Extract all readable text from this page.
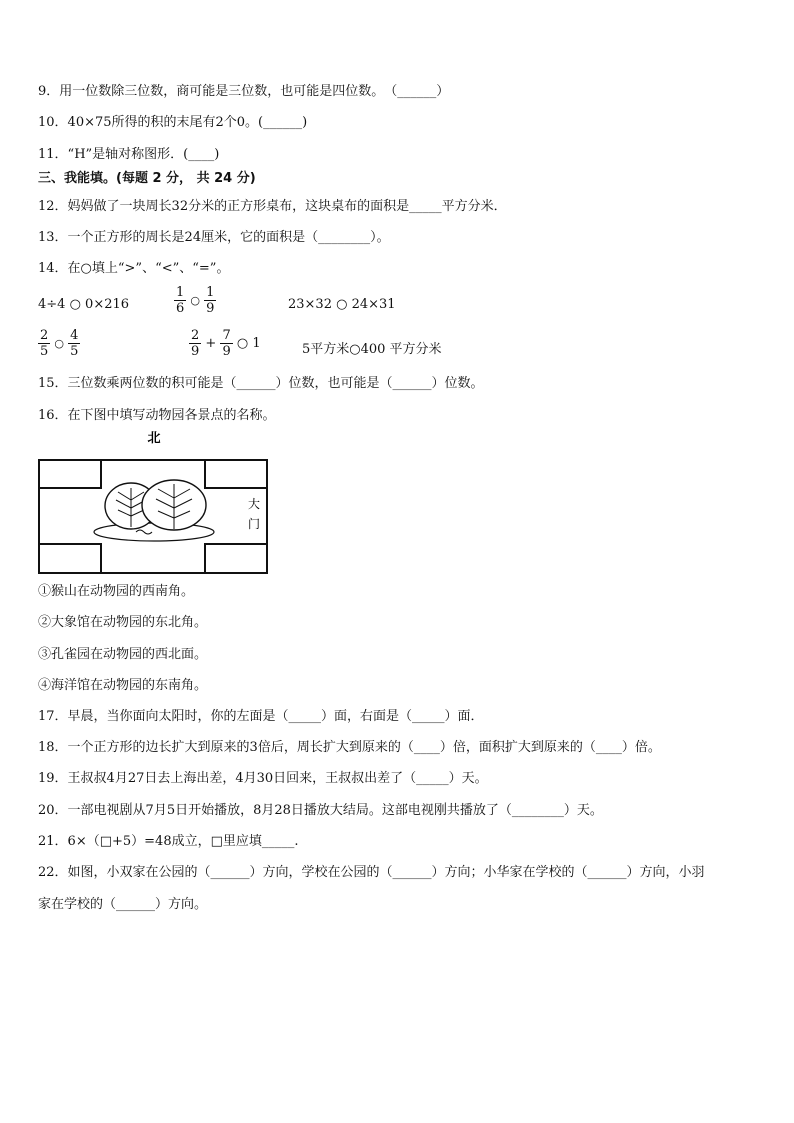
9．用一位数除三位数，商可能是三位数，也可能是四位数。　（______）
10．40×75所得的积的末尾有2个0。(______)
11．“H”是轴对称图形．(____)
三、我能填。(每题 2 分， 共 24 分)
12．妈妈做了一块周长32分米的正方形桌布，这块桌布的面积是_____平方分米．
13．一个正方形的周长是24厘米，它的面积是（________）。
14．在○填上“>”、“<”、“=”。
4÷4 ○ 0×216	$\frac{1}{6}$ ○ $\frac{1}{9}$	23×32 ○ 24×31
$\frac{2}{5}$ ○ $\frac{4}{5}$	$\frac{2}{9} + \frac{7}{9}$ ○ 1	5平方米○400 平方分米
15．三位数乘两位数的积可能是（______）位数，也可能是（______）位数。
16．在下图中填写动物园各景点的名称。
北
大
门
①猴山在动物园的西南角。
②大象馆在动物园的东北角。
③孔雀园在动物园的西北面。
④海洋馆在动物园的东南角。
17．早晨，当你面向太阳时，你的左面是（_____）面，右面是（_____）面．
18．一个正方形的边长扩大到原来的3倍后，周长扩大到原来的（____）倍，面积扩大到原来的（____）倍。
19．王叔叔4月27日去上海出差，4月30日回来，王叔叔出差了（_____）天。
20．一部电视剧从7月5日开始播放，8月28日播放大结局。这部电视刚共播放了（________）天。
21．6×（□+5）=48成立，□里应填_____.
22．如图，小双家在公园的（______）方向，学校在公园的（______）方向；小华家在学校的（______）方向，小羽
家在学校的（______）方向。
